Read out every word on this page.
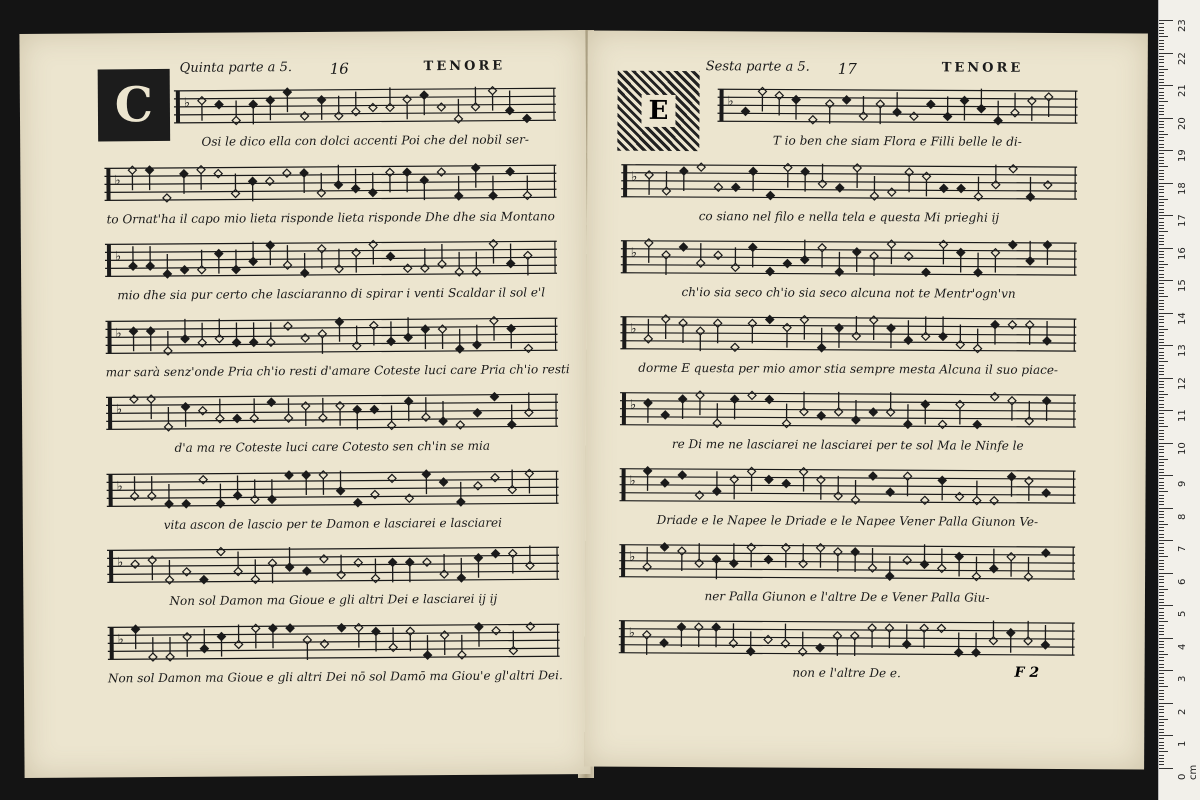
C
Quinta parte a 5.	16	TENORE
♭
Osi le dico ella con dolci accenti Poi che del nobil ser-
♭
to Ornat'ha il capo mio lieta risponde lieta risponde Dhe dhe sia Montano
♭
mio dhe sia pur certo che lasciaranno di spirar i venti Scaldar il sol e'l
♭
mar sarà senz'onde Pria ch'io resti d'amare Coteste luci care Pria ch'io resti
♭
d'a ma re Coteste luci care Cotesto sen ch'in se mia
♭
vita ascon de lascio per te Damon e lasciarei e lasciarei
♭
Non sol Damon ma Gioue e gli altri Dei e lasciarei ij ij
♭
Non sol Damon ma Gioue e gli altri Dei nō sol Damō ma Giou'e gl'altri Dei.
E
Sesta parte a 5. 17	TENORE
♭
T io ben che siam Flora e Filli belle le di-
♭
co siano nel filo e nella tela e questa Mi prieghi ij
♭
ch'io sia seco ch'io sia seco alcuna not te Mentr'ogn'vn
♭
dorme E questa per mio amor stia sempre mesta Alcuna il suo piace-
♭
re Di me ne lasciarei ne lasciarei per te sol Ma le Ninfe le
♭
Driade e le Napee le Driade e le Napee Vener Palla Giunon Ve-
♭
ner Palla Giunon e l'altre De e Vener Palla Giu-
♭
non e l'altre De e.	F 2
23
22
21
20
19
18
17
16
15
14
13
12
11
10
9
8
7
6
5
4
3
2
1
0 cm
